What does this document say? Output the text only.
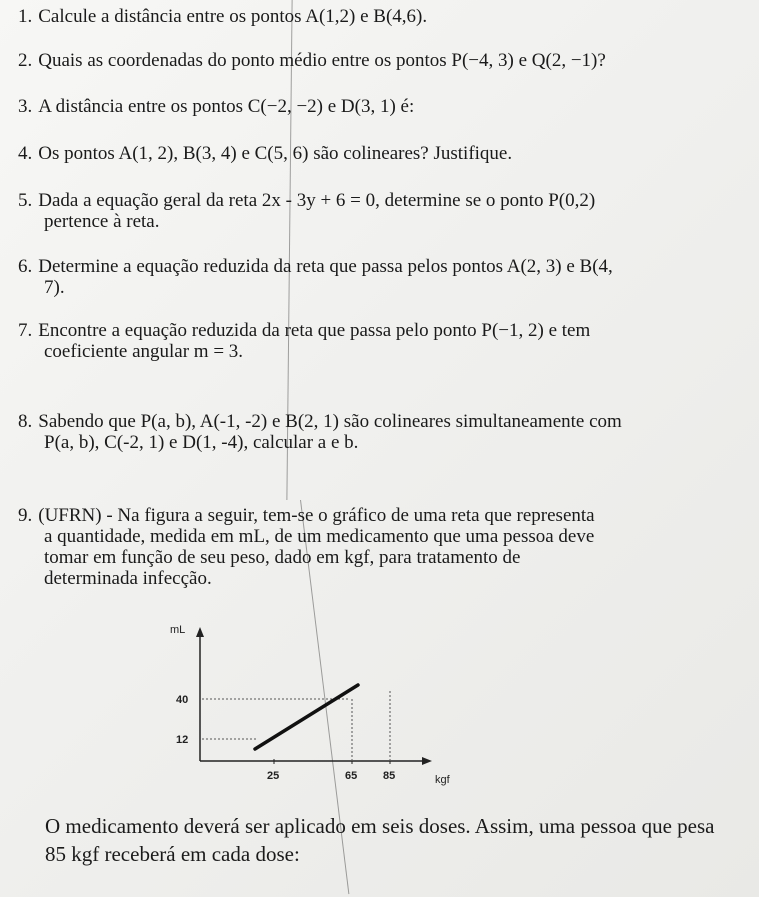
1. Calcule a distância entre os pontos A(1,2) e B(4,6).
2. Quais as coordenadas do ponto médio entre os pontos P(−4, 3) e Q(2, −1)?
3. A distância entre os pontos C(−2, −2) e D(3, 1) é:
4. Os pontos A(1, 2), B(3, 4) e C(5, 6) são colineares? Justifique.

5. Dada a equação geral da reta 2x - 3y + 6 = 0, determine se o ponto P(0,2)

pertence à reta.

6. Determine a equação reduzida da reta que passa pelos pontos A(2, 3) e B(4,

7).

7. Encontre a equação reduzida da reta que passa pelo ponto P(−1, 2) e tem

coeficiente angular m = 3.

8. Sabendo que P(a, b), A(-1, -2) e B(2, 1) são colineares simultaneamente com

P(a, b), C(-2, 1) e D(1, -4), calcular a e b.

9. (UFRN) - Na figura a seguir, tem-se o gráfico de uma reta que representa

a quantidade, medida em mL, de um medicamento que uma pessoa deve

tomar em função de seu peso, dado em kgf, para tratamento de

determinada infecção.

mL
kgf
12
40
25	65 85

O medicamento deverá ser aplicado em seis doses. Assim, uma pessoa que pesa

85 kgf receberá em cada dose:
